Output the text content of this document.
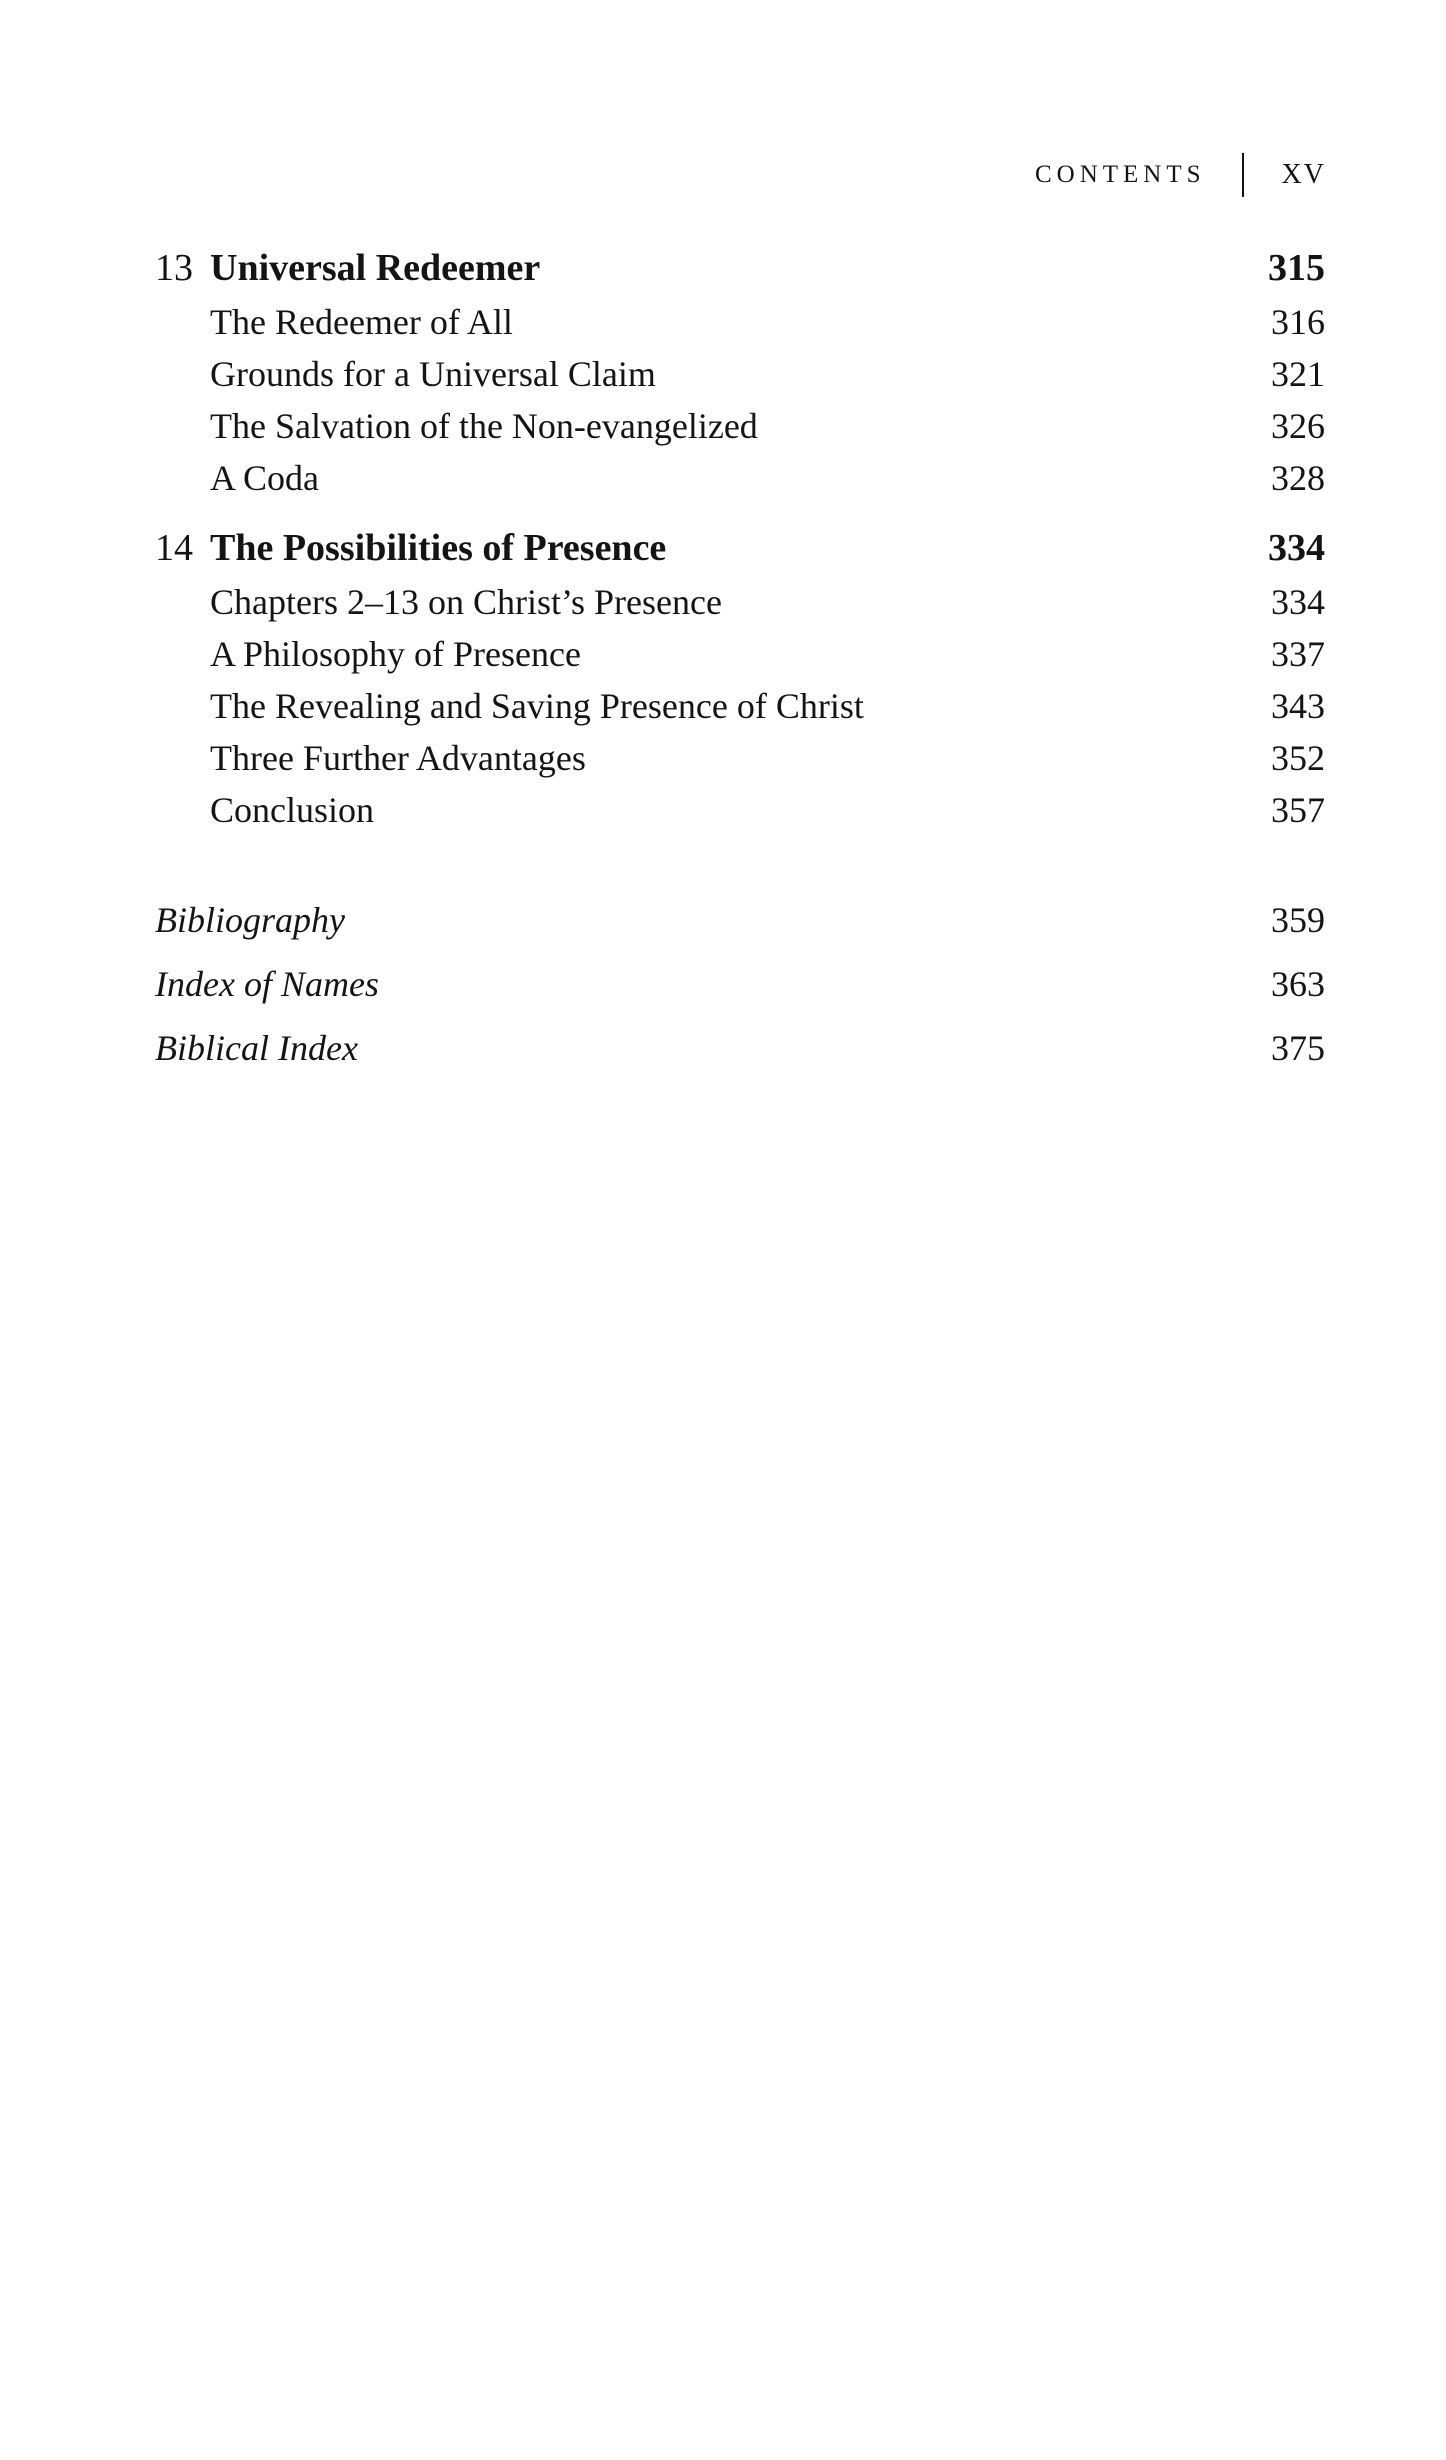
CONTENTS	XV
13 Universal Redeemer	315
The Redeemer of All	316
Grounds for a Universal Claim	321
The Salvation of the Non-evangelized	326
A Coda	328
14 The Possibilities of Presence	334
Chapters 2–13 on Christ’s Presence	334
A Philosophy of Presence	337
The Revealing and Saving Presence of Christ	343
Three Further Advantages	352
Conclusion	357
Bibliography	359
Index of Names	363
Biblical Index	375
